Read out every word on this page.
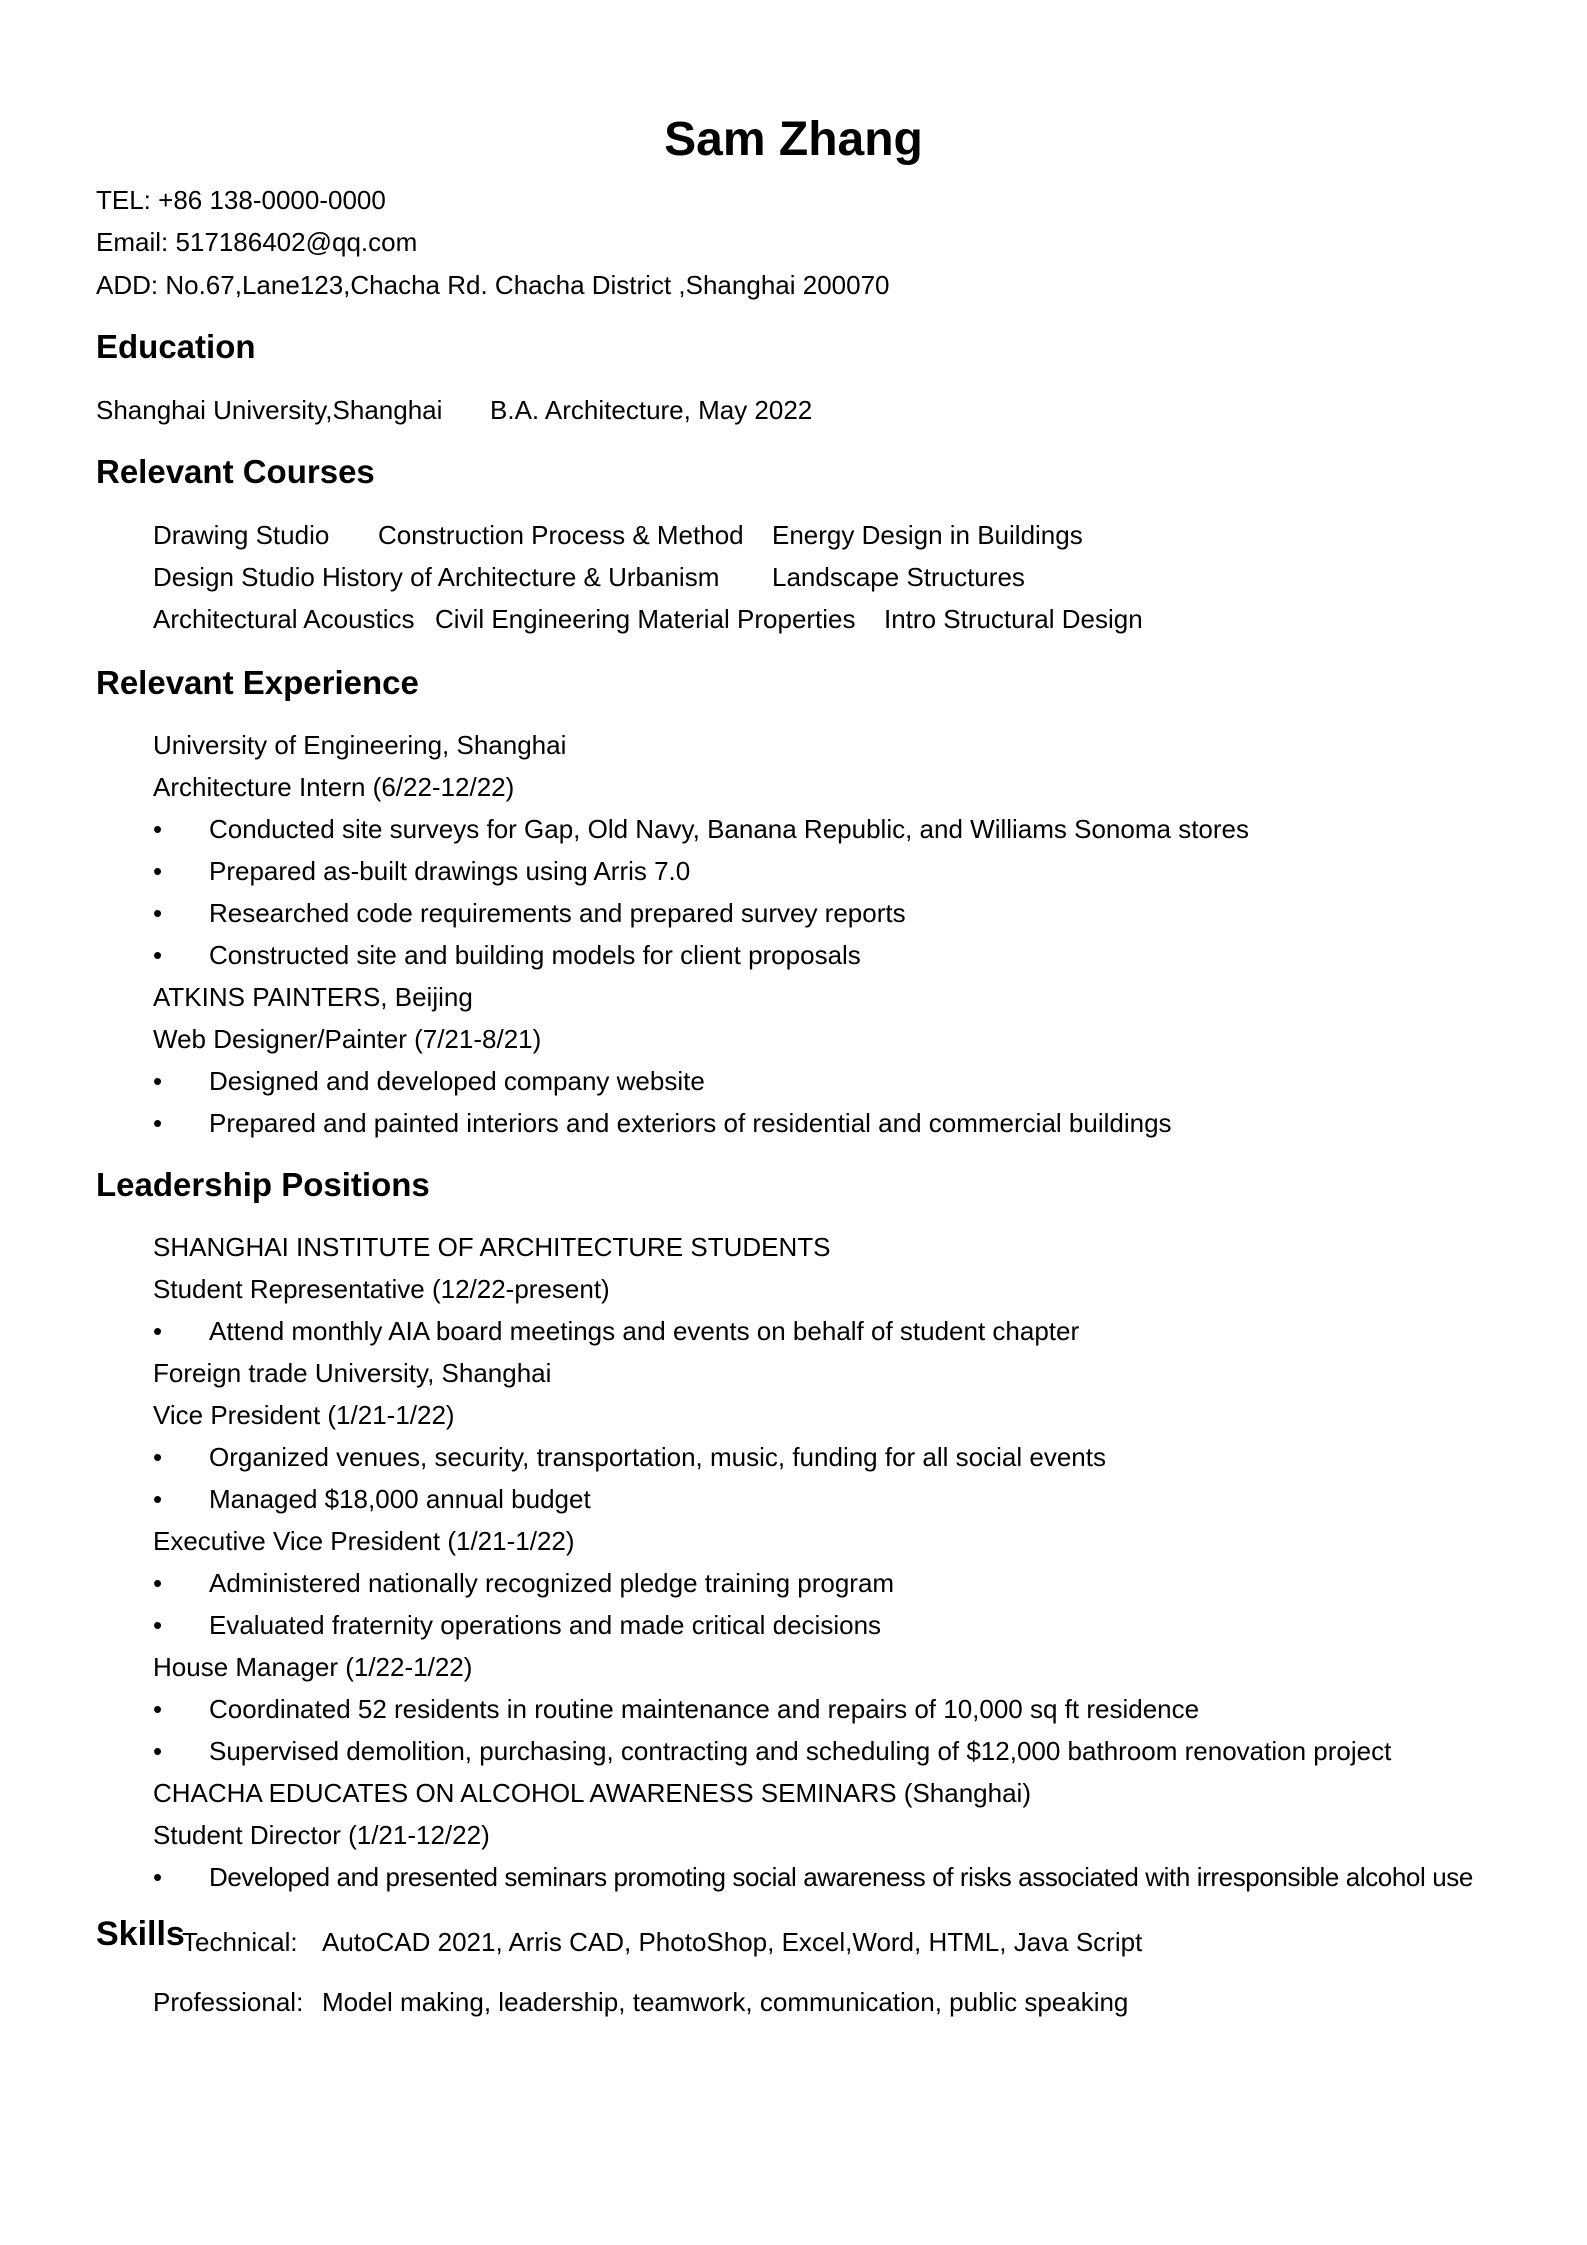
Sam Zhang
TEL: +86 138-0000-0000
Email: 517186402@qq.com
ADD: No.67,Lane123,Chacha Rd. Chacha District ,Shanghai 200070
Education
Shanghai University,Shanghai B.A. Architecture, May 2022
Relevant Courses
Drawing Studio Construction Process & Method Energy Design in Buildings
Design Studio History of Architecture & Urbanism Landscape Structures
Architectural Acoustics Civil Engineering Material Properties Intro Structural Design
Relevant Experience
University of Engineering, Shanghai
Architecture Intern (6/22-12/22)
• Conducted site surveys for Gap, Old Navy, Banana Republic, and Williams Sonoma stores
• Prepared as-built drawings using Arris 7.0
• Researched code requirements and prepared survey reports
• Constructed site and building models for client proposals
ATKINS PAINTERS, Beijing
Web Designer/Painter (7/21-8/21)
• Designed and developed company website
• Prepared and painted interiors and exteriors of residential and commercial buildings
Leadership Positions
SHANGHAI INSTITUTE OF ARCHITECTURE STUDENTS
Student Representative (12/22-present)
• Attend monthly AIA board meetings and events on behalf of student chapter
Foreign trade University, Shanghai
Vice President (1/21-1/22)
• Organized venues, security, transportation, music, funding for all social events
• Managed $18,000 annual budget
Executive Vice President (1/21-1/22)
• Administered nationally recognized pledge training program
• Evaluated fraternity operations and made critical decisions
House Manager (1/22-1/22)
• Coordinated 52 residents in routine maintenance and repairs of 10,000 sq ft residence
• Supervised demolition, purchasing, contracting and scheduling of $12,000 bathroom renovation project
CHACHA EDUCATES ON ALCOHOL AWARENESS SEMINARS (Shanghai)
Student Director (1/21-12/22)
• Developed and presented seminars promoting social awareness of risks associated with irresponsible alcohol use
Skills
Technical: AutoCAD 2021, Arris CAD, PhotoShop, Excel,Word, HTML, Java Script
Professional: Model making, leadership, teamwork, communication, public speaking
